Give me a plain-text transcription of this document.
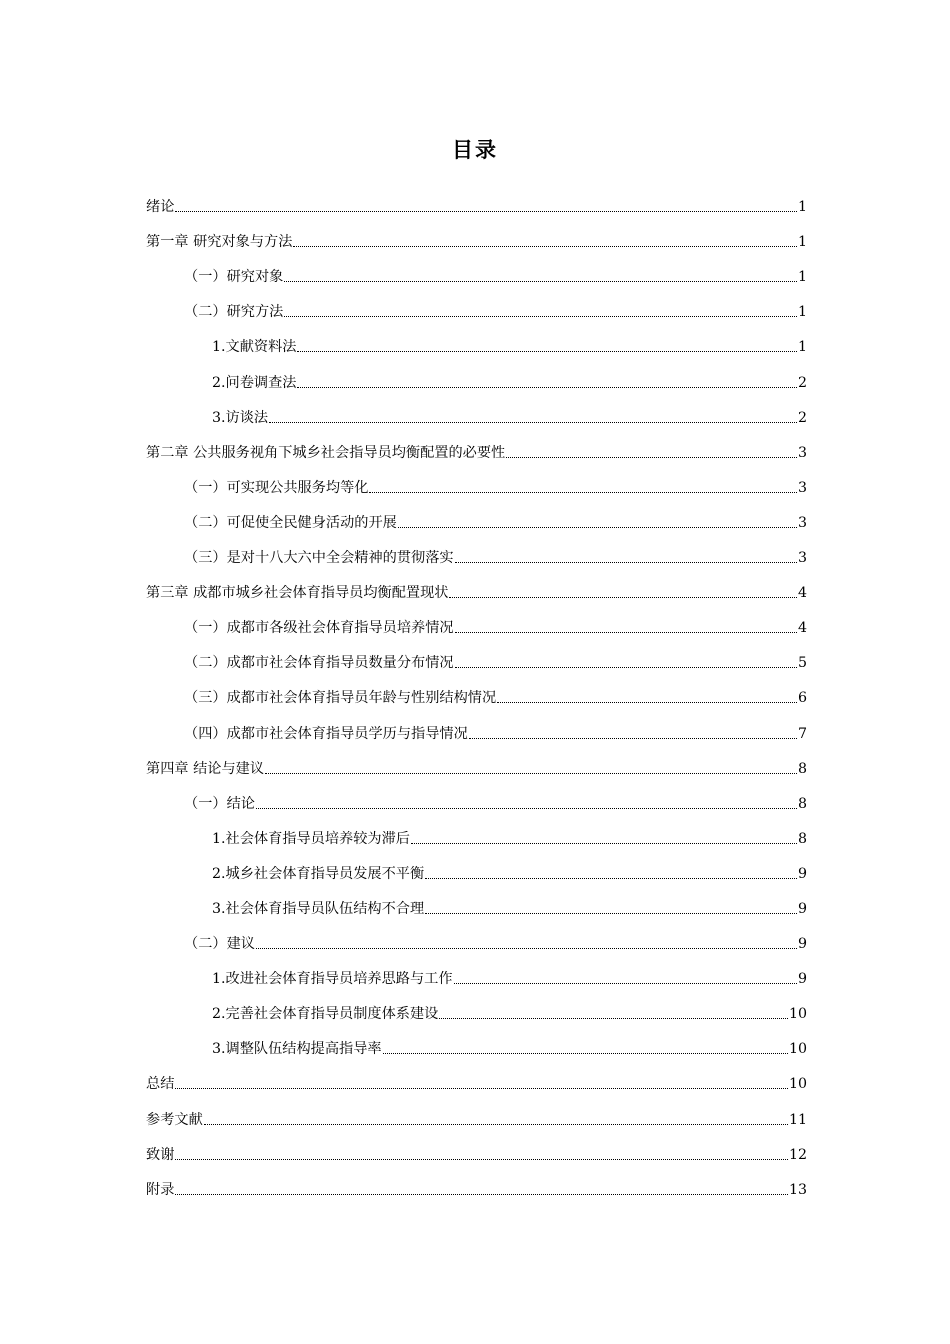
目录
绪论	1
第一章 研究对象与方法	1
（一）研究对象	1
（二）研究方法	1
1.文献资料法	1
2.问卷调查法	2
3.访谈法	2
第二章 公共服务视角下城乡社会指导员均衡配置的必要性	3
（一）可实现公共服务均等化	3
（二）可促使全民健身活动的开展	3
（三）是对十八大六中全会精神的贯彻落实	3
第三章 成都市城乡社会体育指导员均衡配置现状	4
（一）成都市各级社会体育指导员培养情况	4
（二）成都市社会体育指导员数量分布情况	5
（三）成都市社会体育指导员年龄与性别结构情况	6
（四）成都市社会体育指导员学历与指导情况	7
第四章 结论与建议	8
（一）结论	8
1.社会体育指导员培养较为滞后	8
2.城乡社会体育指导员发展不平衡	9
3.社会体育指导员队伍结构不合理	9
（二）建议	9
1.改进社会体育指导员培养思路与工作	9
2.完善社会体育指导员制度体系建设	10
3.调整队伍结构提高指导率	10
总结	10
参考文献	11
致谢	12
附录	13
